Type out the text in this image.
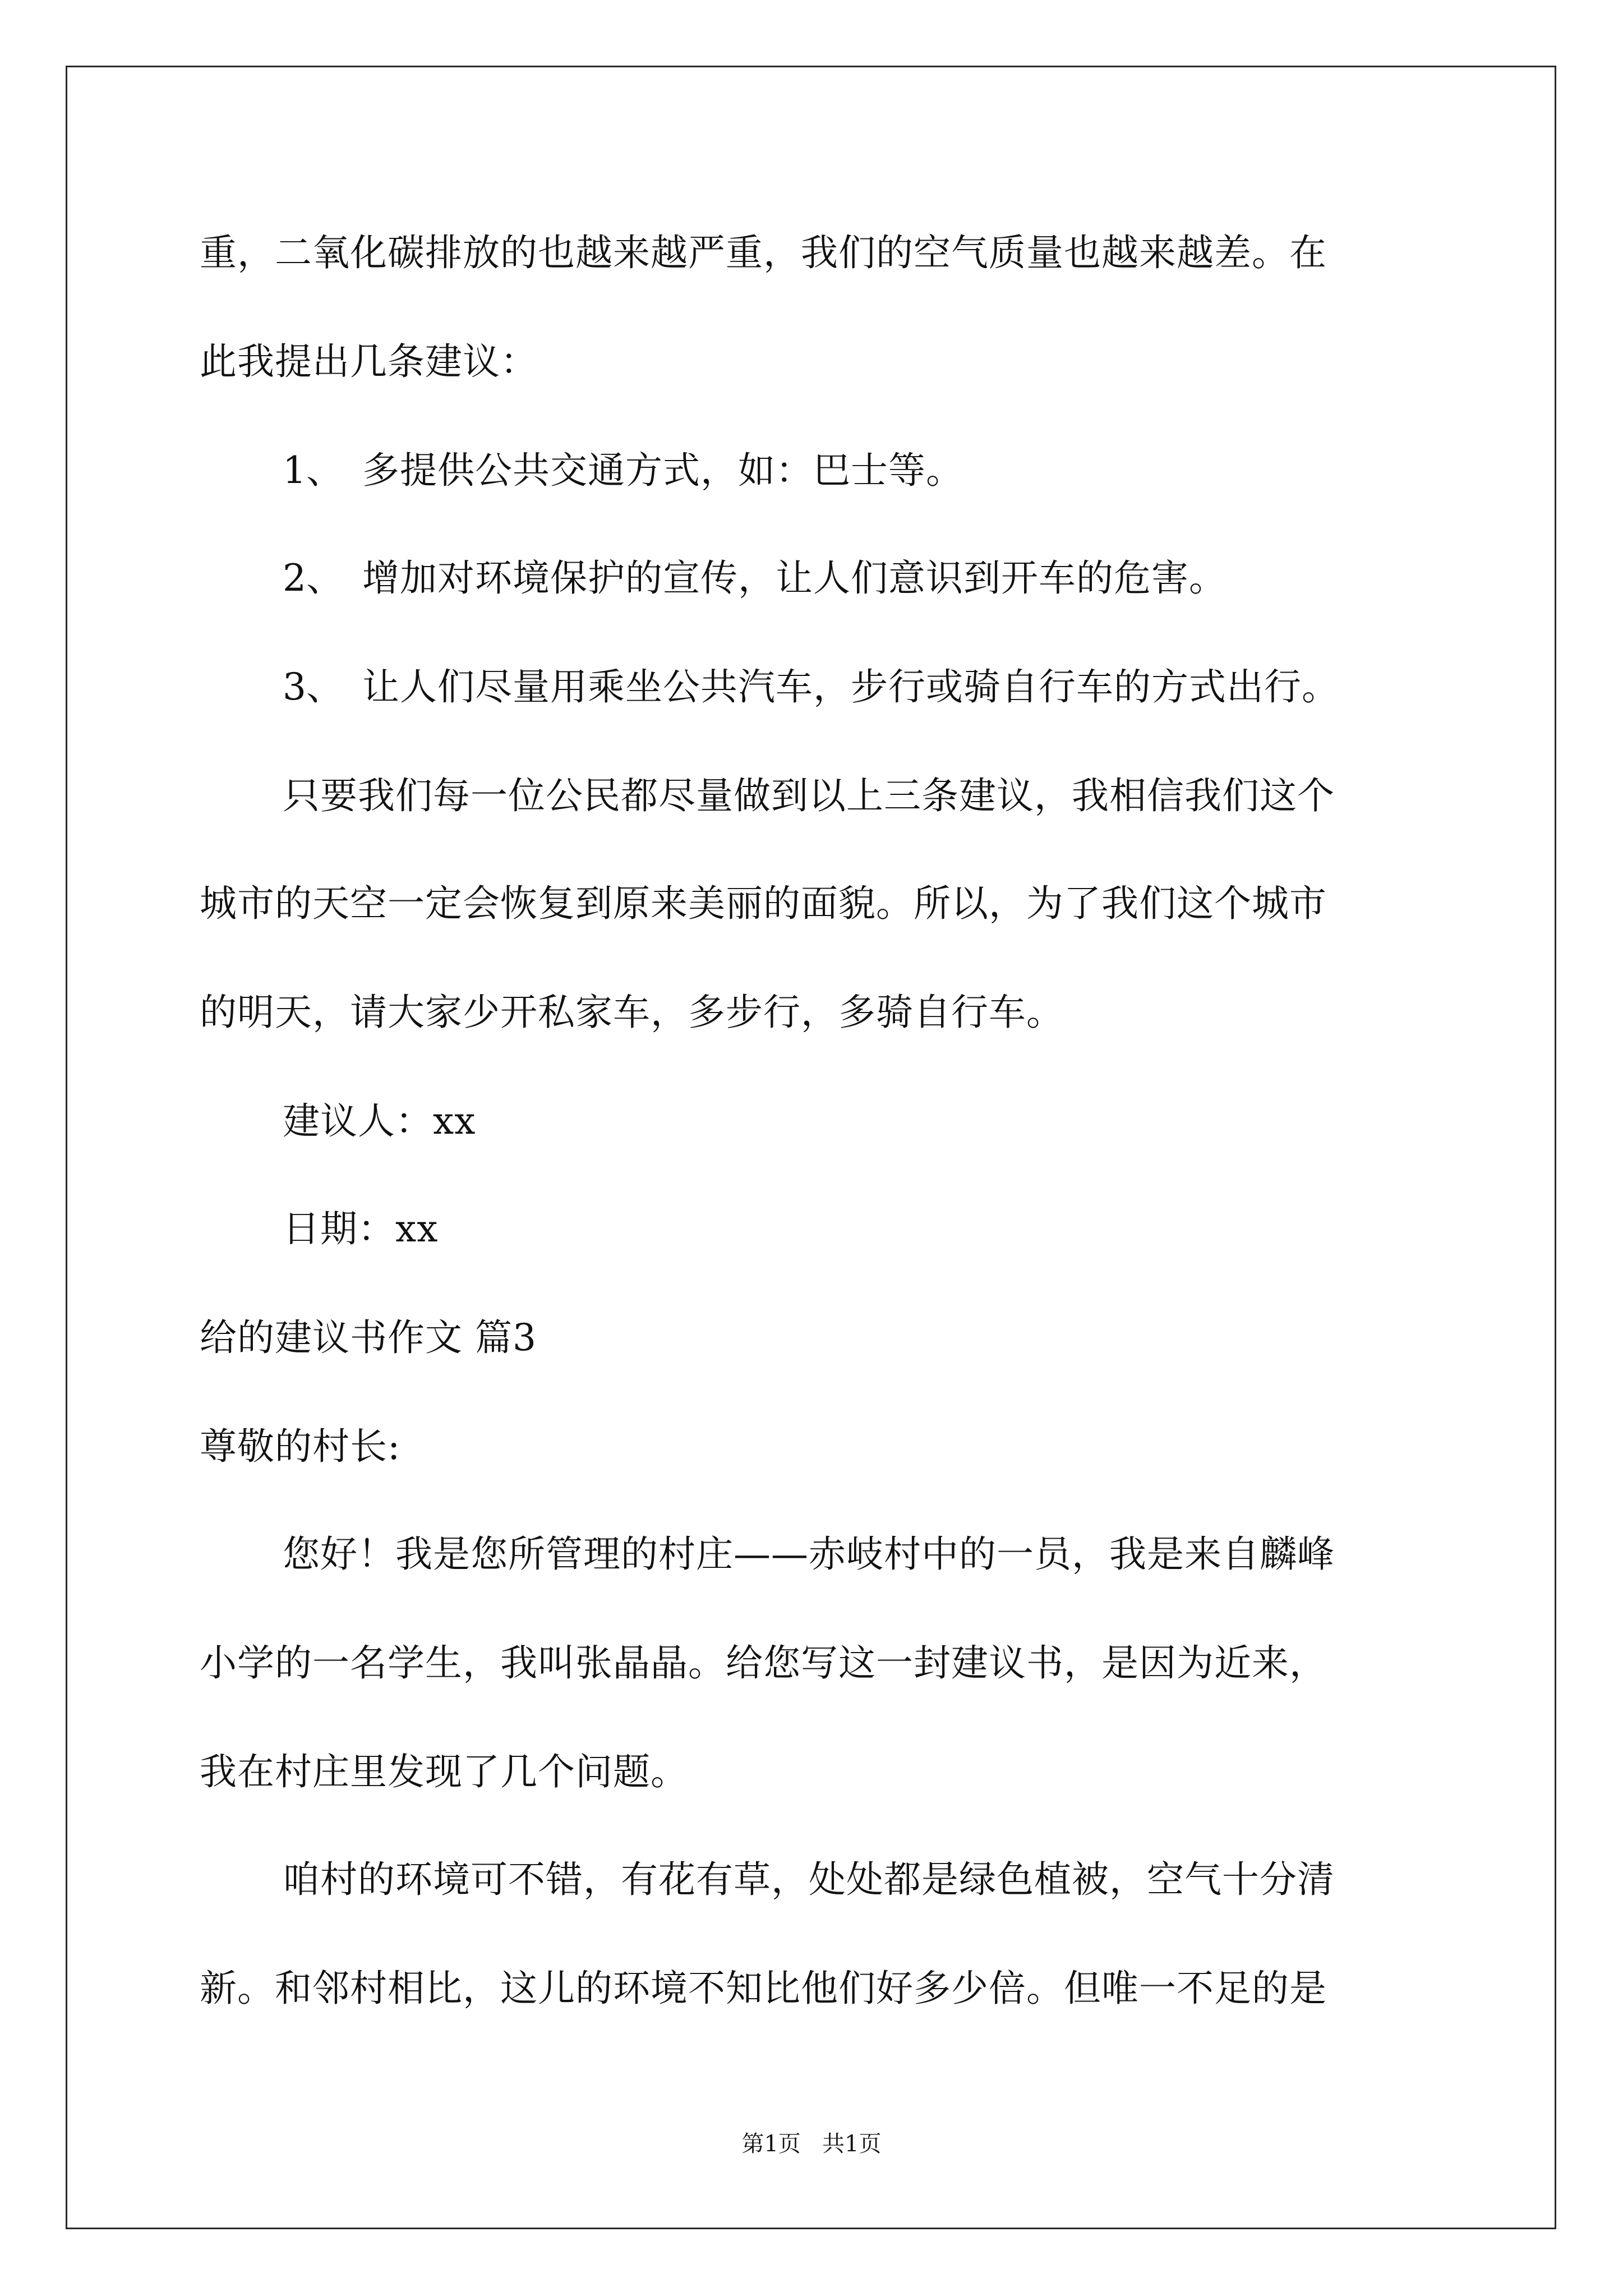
重，二氧化碳排放的也越来越严重，我们的空气质量也越来越差。在
此我提出几条建议：
1、 多提供公共交通方式，如：巴士等。
2、 增加对环境保护的宣传，让人们意识到开车的危害。
3、 让人们尽量用乘坐公共汽车，步行或骑自行车的方式出行。
只要我们每一位公民都尽量做到以上三条建议，我相信我们这个
城市的天空一定会恢复到原来美丽的面貌。所以，为了我们这个城市
的明天，请大家少开私家车，多步行，多骑自行车。
建议人：xx
日期：xx
给的建议书作文 篇3
尊敬的村长:
您好！我是您所管理的村庄——赤岐村中的一员，我是来自麟峰
小学的一名学生，我叫张晶晶。给您写这一封建议书，是因为近来，
我在村庄里发现了几个问题。
咱村的环境可不错，有花有草，处处都是绿色植被，空气十分清
新。和邻村相比，这儿的环境不知比他们好多少倍。但唯一不足的是
第1页   共1页
